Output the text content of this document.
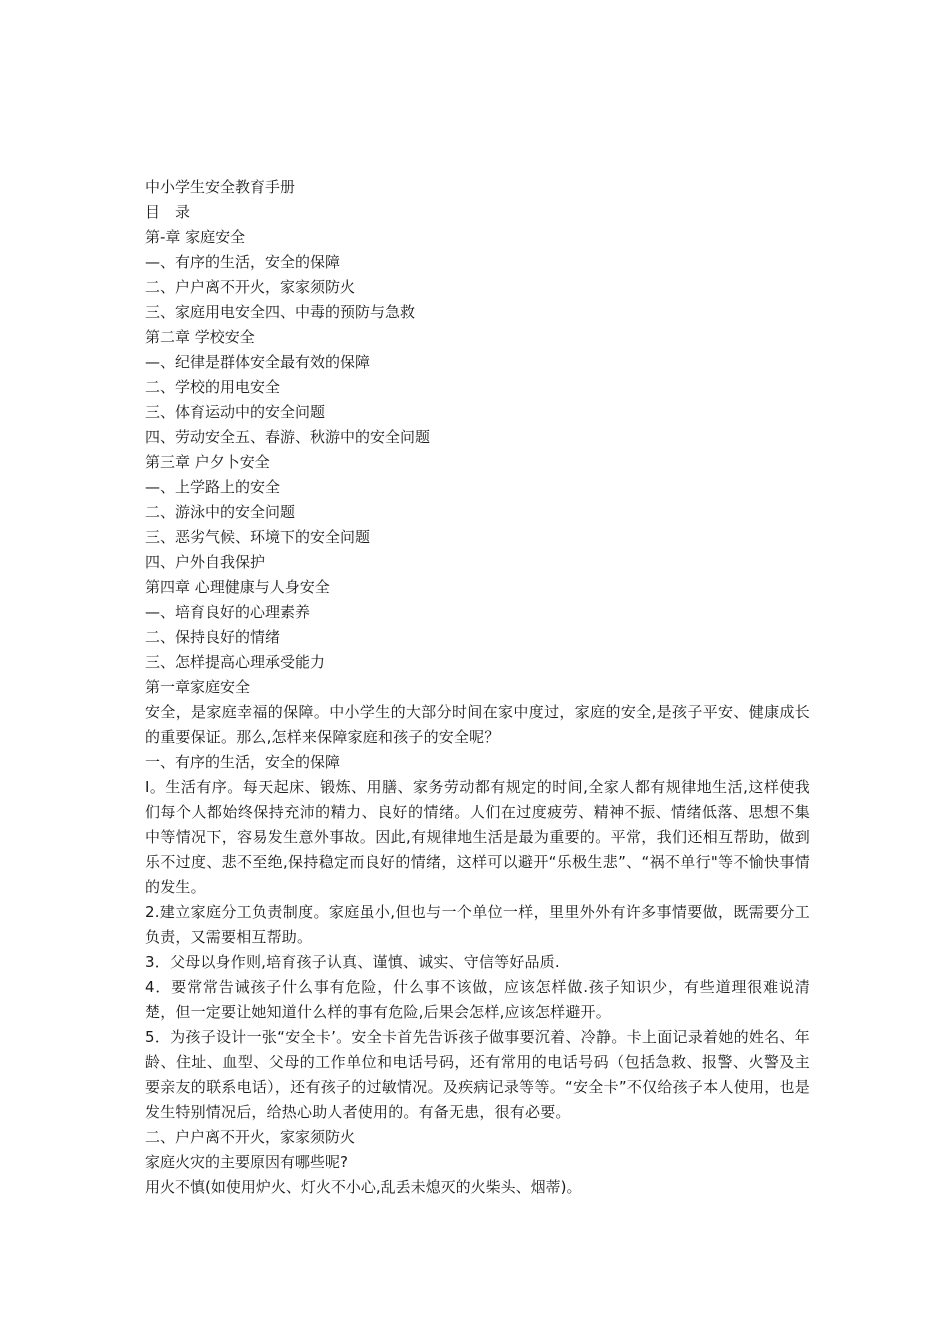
中小学生安全教育手册

目　录

第-章 家庭安全

—、有序的生活，安全的保障

二、户户离不开火，家家须防火

三、家庭用电安全四、中毒的预防与急救

第二章 学校安全

—、纪律是群体安全最有效的保障

二、学校的用电安全

三、体育运动中的安全问题

四、劳动安全五、春游、秋游中的安全问题

第三章 户夕卜安全

—、上学路上的安全

二、游泳中的安全问题

三、恶劣气候、环境下的安全问题

四、户外自我保护

第四章 心理健康与人身安全

—、培育良好的心理素养

二、保持良好的情绪

三、怎样提高心理承受能力

第一章家庭安全

安全，是家庭幸福的保障。中小学生的大部分时间在家中度过，家庭的安全,是孩子平安、健康成长的重要保证。那么,怎样来保障家庭和孩子的安全呢？

一、有序的生活，安全的保障

I。生活有序。每天起床、锻炼、用膳、家务劳动都有规定的时间,全家人都有规律地生活,这样使我们每个人都始终保持充沛的精力、良好的情绪。人们在过度疲劳、精神不振、情绪低落、思想不集中等情况下，容易发生意外事故。因此,有规律地生活是最为重要的。平常，我们还相互帮助，做到乐不过度、悲不至绝,保持稳定而良好的情绪，这样可以避开“乐极生悲”、“祸不单行"等不愉快事情的发生。

2.建立家庭分工负责制度。家庭虽小,但也与一个单位一样，里里外外有许多事情要做，既需要分工负责，又需要相互帮助。

3．父母以身作则,培育孩子认真、谨慎、诚实、守信等好品质.

4．要常常告诫孩子什么事有危险，什么事不该做，应该怎样做.孩子知识少，有些道理很难说清楚，但一定要让她知道什么样的事有危险,后果会怎样,应该怎样避开。

5．为孩子设计一张“安全卡’。安全卡首先告诉孩子做事要沉着、冷静。卡上面记录着她的姓名、年龄、住址、血型、父母的工作单位和电话号码，还有常用的电话号码（包括急救、报警、火警及主要亲友的联系电话），还有孩子的过敏情况。及疾病记录等等。“安全卡”不仅给孩子本人使用，也是发生特别情况后，给热心助人者使用的。有备无患，很有必要。

二、户户离不开火，家家须防火

家庭火灾的主要原因有哪些呢?

用火不慎(如使用炉火、灯火不小心,乱丢未熄灭的火柴头、烟蒂)。
